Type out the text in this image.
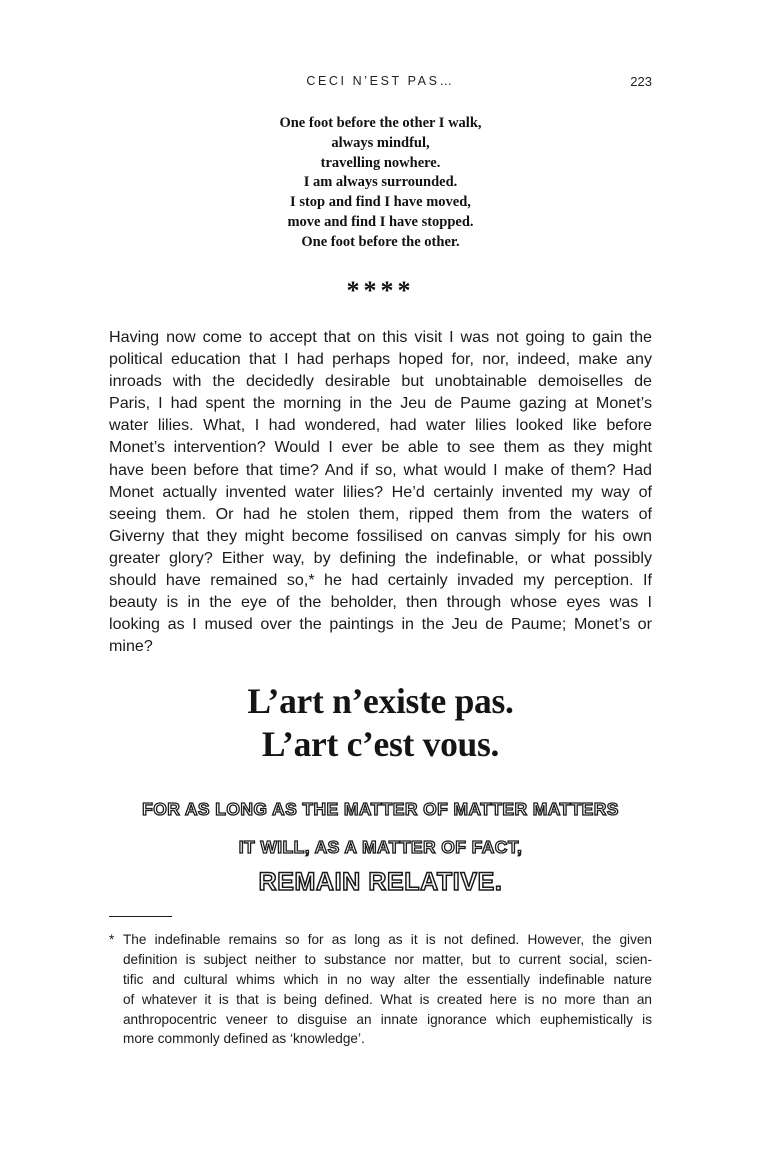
CECI N’EST PAS…	223
One foot before the other I walk,
always mindful,
travelling nowhere.
I am always surrounded.
I stop and find I have moved,
move and find I have stopped.
One foot before the other.
****
Having now come to accept that on this visit I was not going to gain the
political education that I had perhaps hoped for, nor, indeed, make any
inroads with the decidedly desirable but unobtainable demoiselles de
Paris, I had spent the morning in the Jeu de Paume gazing at Monet’s
water lilies. What, I had wondered, had water lilies looked like before
Monet’s intervention? Would I ever be able to see them as they might
have been before that time? And if so, what would I make of them? Had
Monet actually invented water lilies? He’d certainly invented my way of
seeing them. Or had he stolen them, ripped them from the waters of
Giverny that they might become fossilised on canvas simply for his own
greater glory? Either way, by defining the indefinable, or what possibly
should have remained so,* he had certainly invaded my perception. If
beauty is in the eye of the beholder, then through whose eyes was I
looking as I mused over the paintings in the Jeu de Paume; Monet’s or
mine?
L’art n’existe pas.
L’art c’est vous.
FOR AS LONG AS THE MATTER OF MATTER MATTERS
IT WILL, AS A MATTER OF FACT,
REMAIN RELATIVE.
* The indefinable remains so for as long as it is not defined. However, the given
definition is subject neither to substance nor matter, but to current social, scien-
tific and cultural whims which in no way alter the essentially indefinable nature
of whatever it is that is being defined. What is created here is no more than an
anthropocentric veneer to disguise an innate ignorance which euphemistically is
more commonly defined as ‘knowledge’.
